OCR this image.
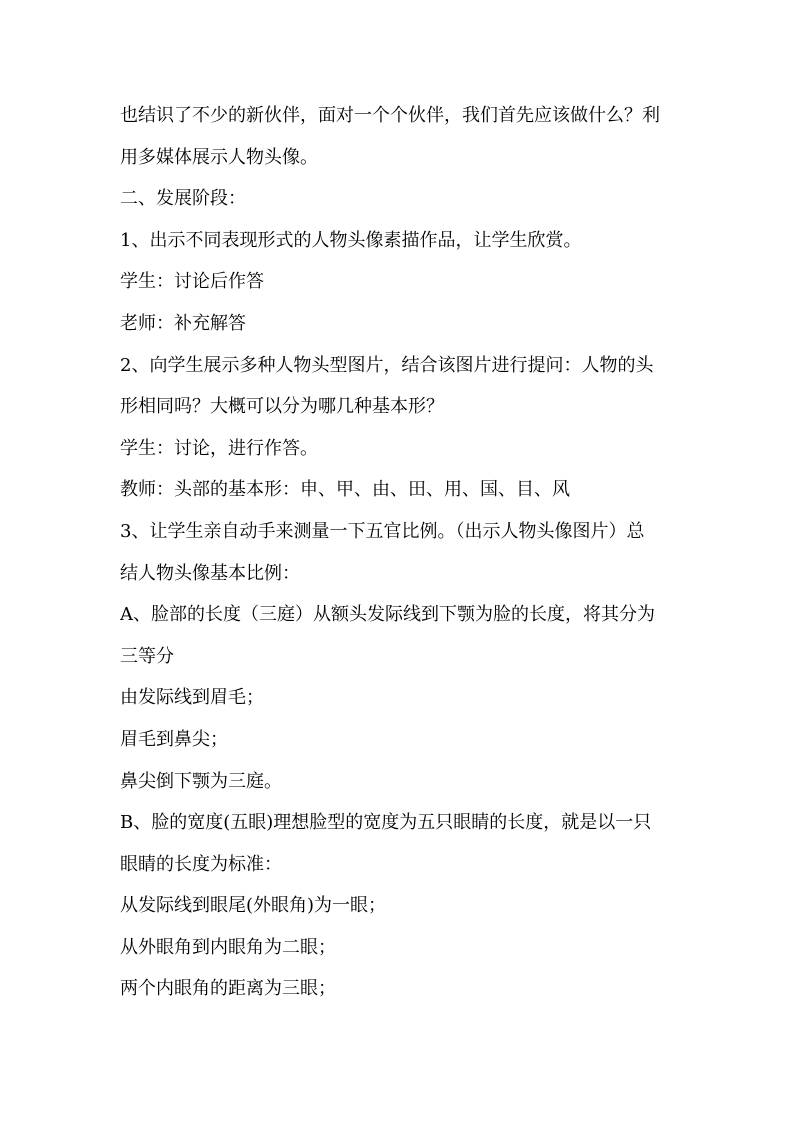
也结识了不少的新伙伴，面对一个个伙伴，我们首先应该做什么？利
用多媒体展示人物头像。
二、发展阶段：
1、出示不同表现形式的人物头像素描作品，让学生欣赏。
学生：讨论后作答
老师：补充解答
2、向学生展示多种人物头型图片，结合该图片进行提问：人物的头
形相同吗？大概可以分为哪几种基本形？
学生：讨论，进行作答。
教师：头部的基本形：申、甲、由、田、用、国、目、风
3、让学生亲自动手来测量一下五官比例。（出示人物头像图片）总
结人物头像基本比例：
A、脸部的长度（三庭）从额头发际线到下颚为脸的长度，将其分为
三等分
由发际线到眉毛；
眉毛到鼻尖；
鼻尖倒下颚为三庭。
B、脸的宽度(五眼)理想脸型的宽度为五只眼睛的长度，就是以一只
眼睛的长度为标准：
从发际线到眼尾(外眼角)为一眼；
从外眼角到内眼角为二眼；
两个内眼角的距离为三眼；
